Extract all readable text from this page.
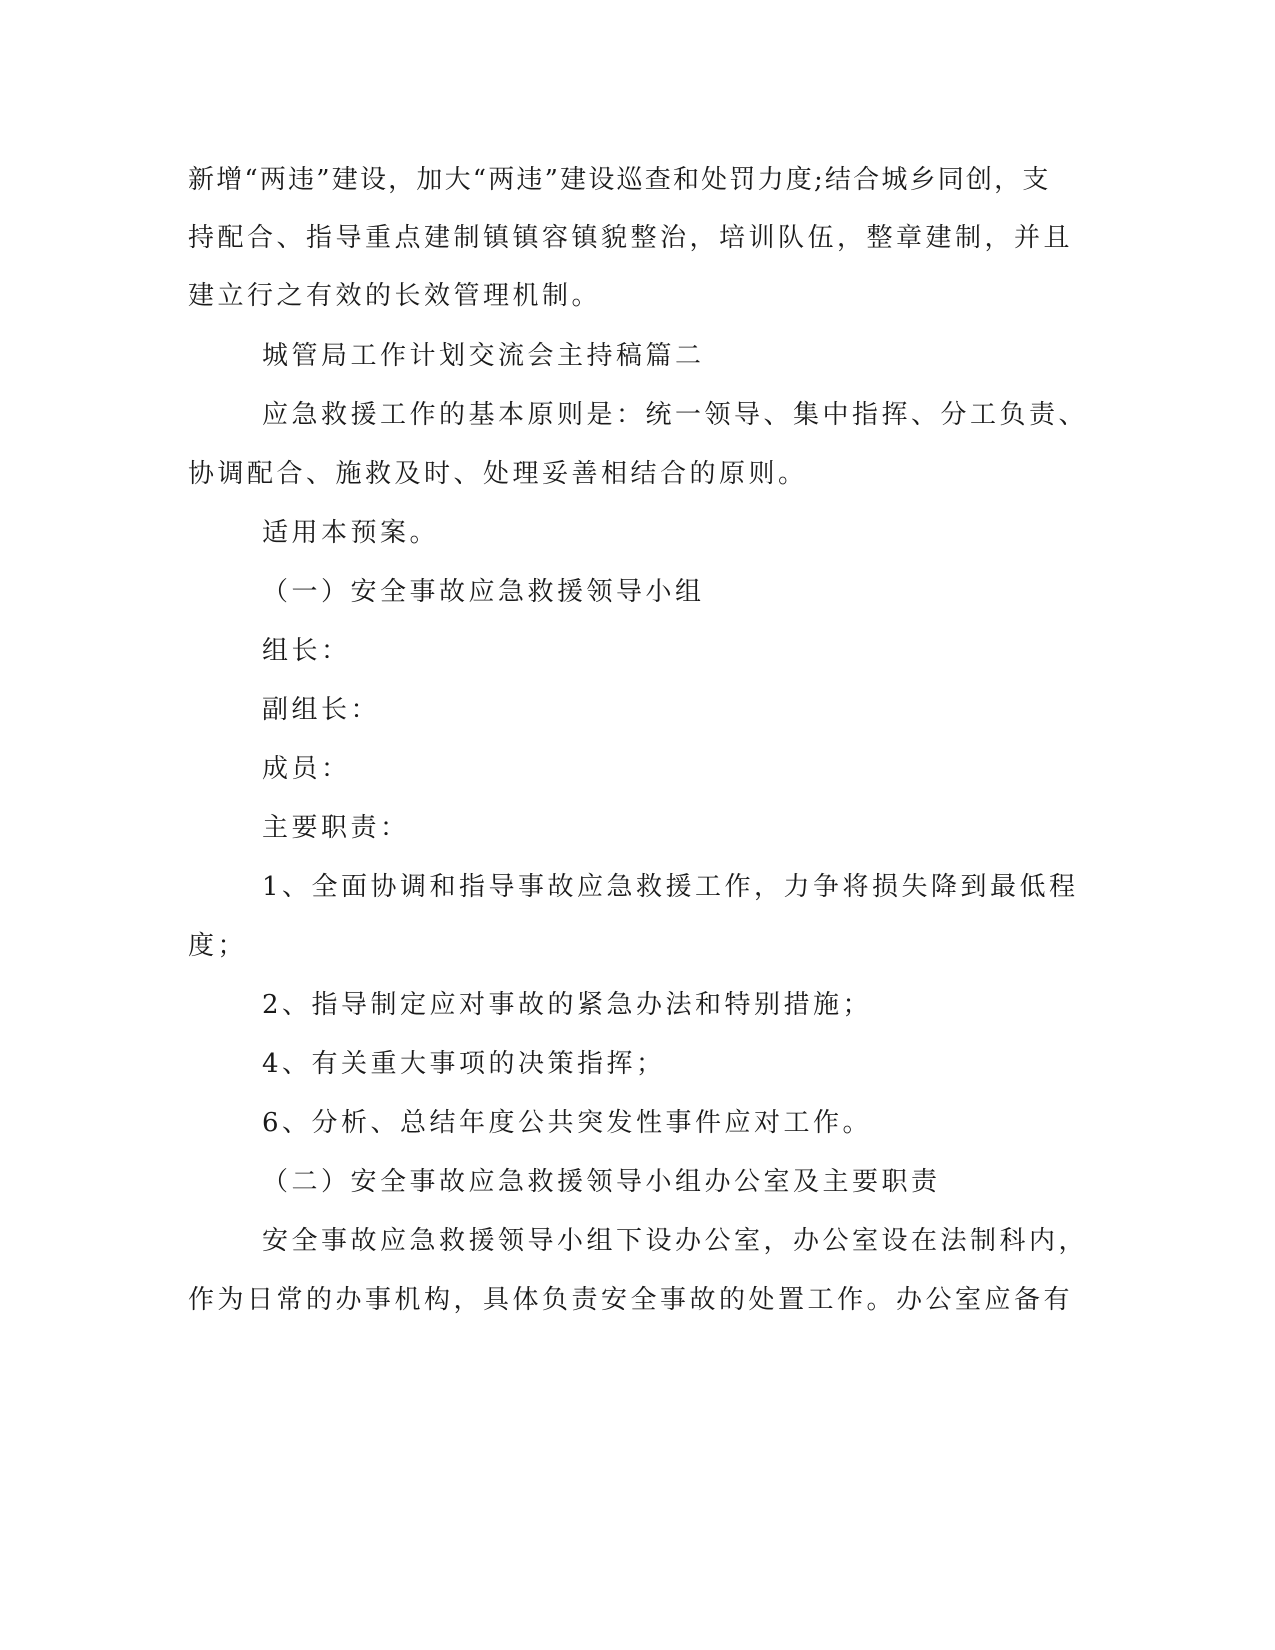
新增“两违”建设，加大“两违”建设巡查和处罚力度;结合城乡同创，支
持配合、指导重点建制镇镇容镇貌整治，培训队伍，整章建制，并且
建立行之有效的长效管理机制。
城管局工作计划交流会主持稿篇二
应急救援工作的基本原则是：统一领导、集中指挥、分工负责、
协调配合、施救及时、处理妥善相结合的原则。
适用本预案。
（一）安全事故应急救援领导小组
组长：
副组长：
成员：
主要职责：
1、全面协调和指导事故应急救援工作，力争将损失降到最低程
度；
2、指导制定应对事故的紧急办法和特别措施；
4、有关重大事项的决策指挥；
6、分析、总结年度公共突发性事件应对工作。
（二）安全事故应急救援领导小组办公室及主要职责
安全事故应急救援领导小组下设办公室，办公室设在法制科内，
作为日常的办事机构，具体负责安全事故的处置工作。办公室应备有
